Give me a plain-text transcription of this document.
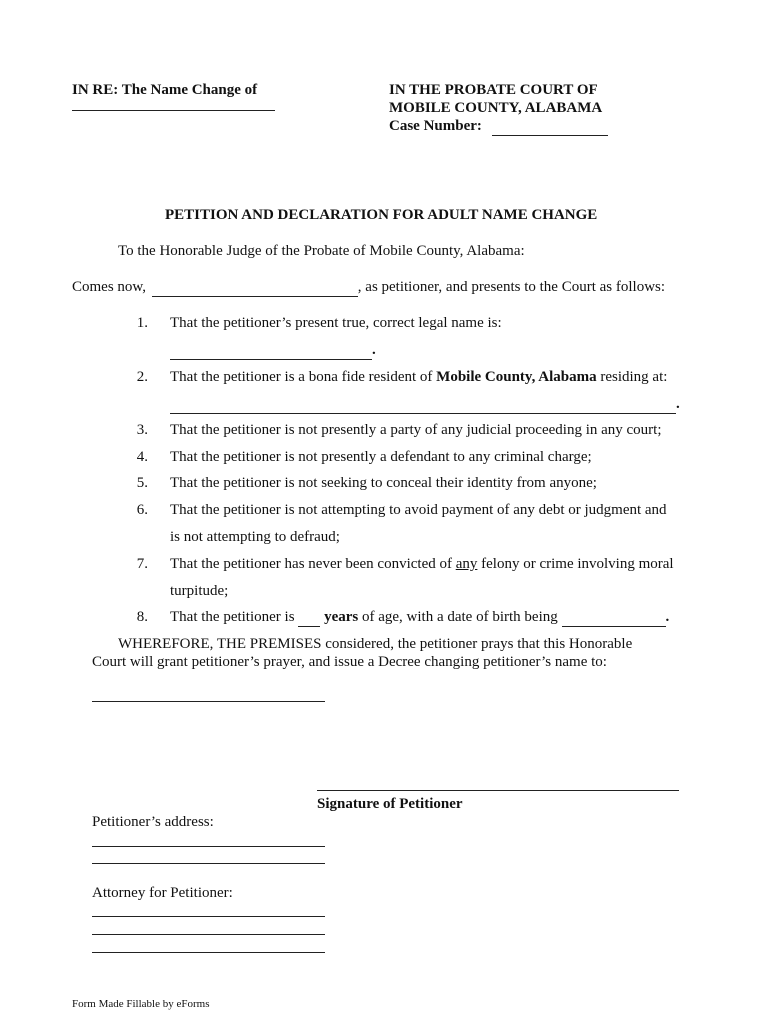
IN RE: The Name Change of	IN THE PROBATE COURT OF
MOBILE COUNTY, ALABAMA
Case Number:
PETITION AND DECLARATION FOR ADULT NAME CHANGE
To the Honorable Judge of the Probate of Mobile County, Alabama:
Comes now,	, as petitioner, and presents to the Court as follows:
1. That the petitioner’s present true, correct legal name is:
.
2. That the petitioner is a bona fide resident of Mobile County, Alabama residing at:
.
3. That the petitioner is not presently a party of any judicial proceeding in any court;
4. That the petitioner is not presently a defendant to any criminal charge;
5. That the petitioner is not seeking to conceal their identity from anyone;
6. That the petitioner is not attempting to avoid payment of any debt or judgment and
is not attempting to defraud;
7. That the petitioner has never been convicted of any felony or crime involving moral
turpitude;
8. That the petitioner is years of age, with a date of birth being	.
WHEREFORE, THE PREMISES considered, the petitioner prays that this Honorable
Court will grant petitioner’s prayer, and issue a Decree changing petitioner’s name to:
Signature of Petitioner
Petitioner’s address:
Attorney for Petitioner:
Form Made Fillable by eForms
